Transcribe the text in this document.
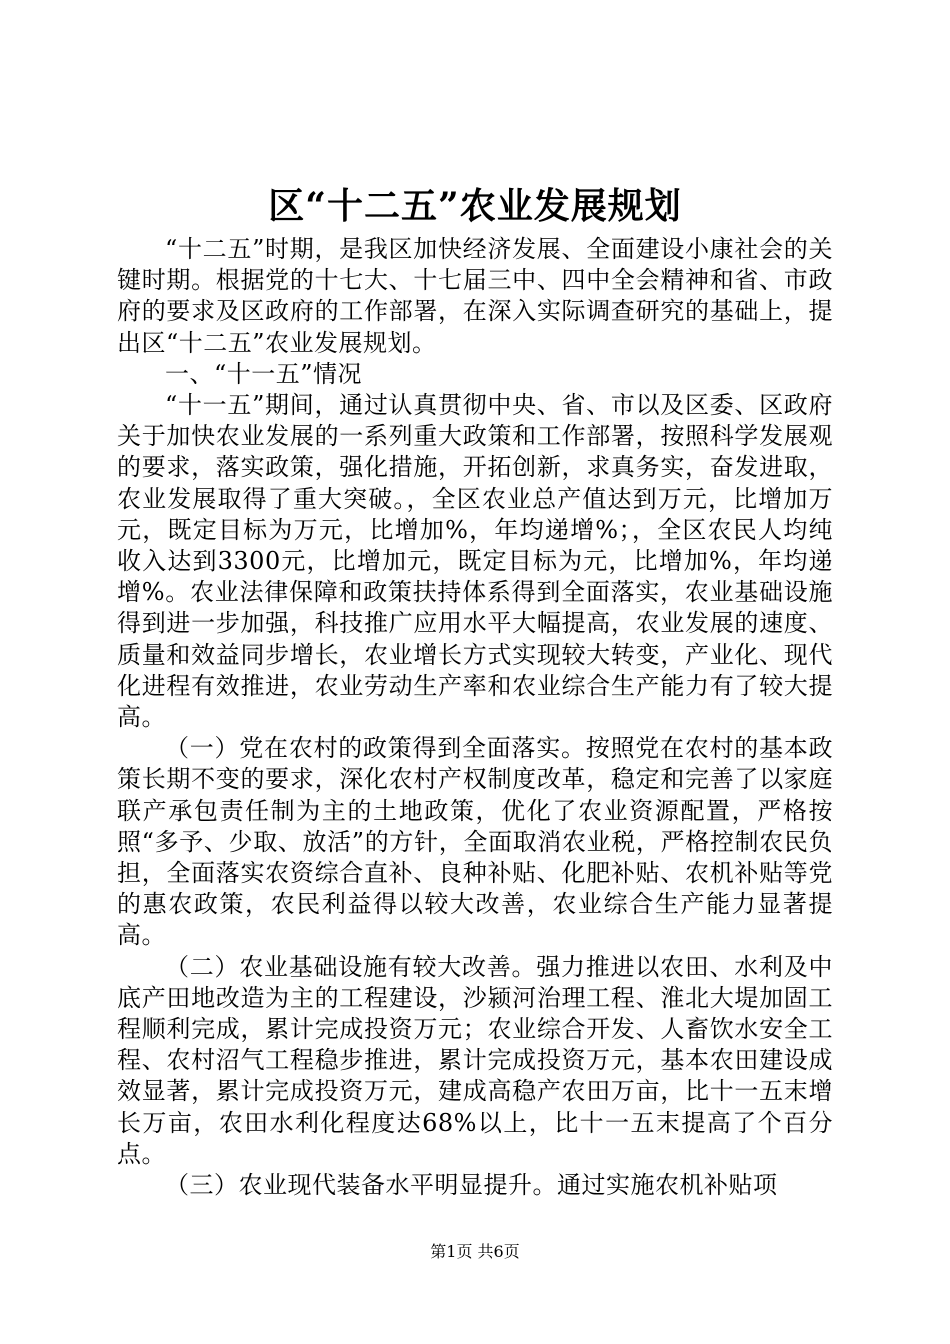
区“十二五”农业发展规划

“十二五”时期，是我区加快经济发展、全面建设小康社会的关键时期。根据党的十七大、十七届三中、四中全会精神和省、市政府的要求及区政府的工作部署，在深入实际调查研究的基础上，提出区“十二五”农业发展规划。

一、“十一五”情况

“十一五”期间，通过认真贯彻中央、省、市以及区委、区政府关于加快农业发展的一系列重大政策和工作部署，按照科学发展观的要求，落实政策，强化措施，开拓创新，求真务实，奋发进取，农业发展取得了重大突破。，全区农业总产值达到万元，比增加万元，既定目标为万元，比增加%，年均递增%；，全区农民人均纯收入达到3300元，比增加元，既定目标为元，比增加%，年均递增%。农业法律保障和政策扶持体系得到全面落实，农业基础设施得到进一步加强，科技推广应用水平大幅提高，农业发展的速度、质量和效益同步增长，农业增长方式实现较大转变，产业化、现代化进程有效推进，农业劳动生产率和农业综合生产能力有了较大提高。

（一）党在农村的政策得到全面落实。按照党在农村的基本政策长期不变的要求，深化农村产权制度改革，稳定和完善了以家庭联产承包责任制为主的土地政策，优化了农业资源配置，严格按照“多予、少取、放活”的方针，全面取消农业税，严格控制农民负担，全面落实农资综合直补、良种补贴、化肥补贴、农机补贴等党的惠农政策，农民利益得以较大改善，农业综合生产能力显著提高。

（二）农业基础设施有较大改善。强力推进以农田、水利及中底产田地改造为主的工程建设，沙颍河治理工程、淮北大堤加固工程顺利完成，累计完成投资万元；农业综合开发、人畜饮水安全工程、农村沼气工程稳步推进，累计完成投资万元，基本农田建设成效显著，累计完成投资万元，建成高稳产农田万亩，比十一五末增长万亩，农田水利化程度达68%以上，比十一五末提高了个百分点。

（三）农业现代装备水平明显提升。通过实施农机补贴项

第1页 共6页
